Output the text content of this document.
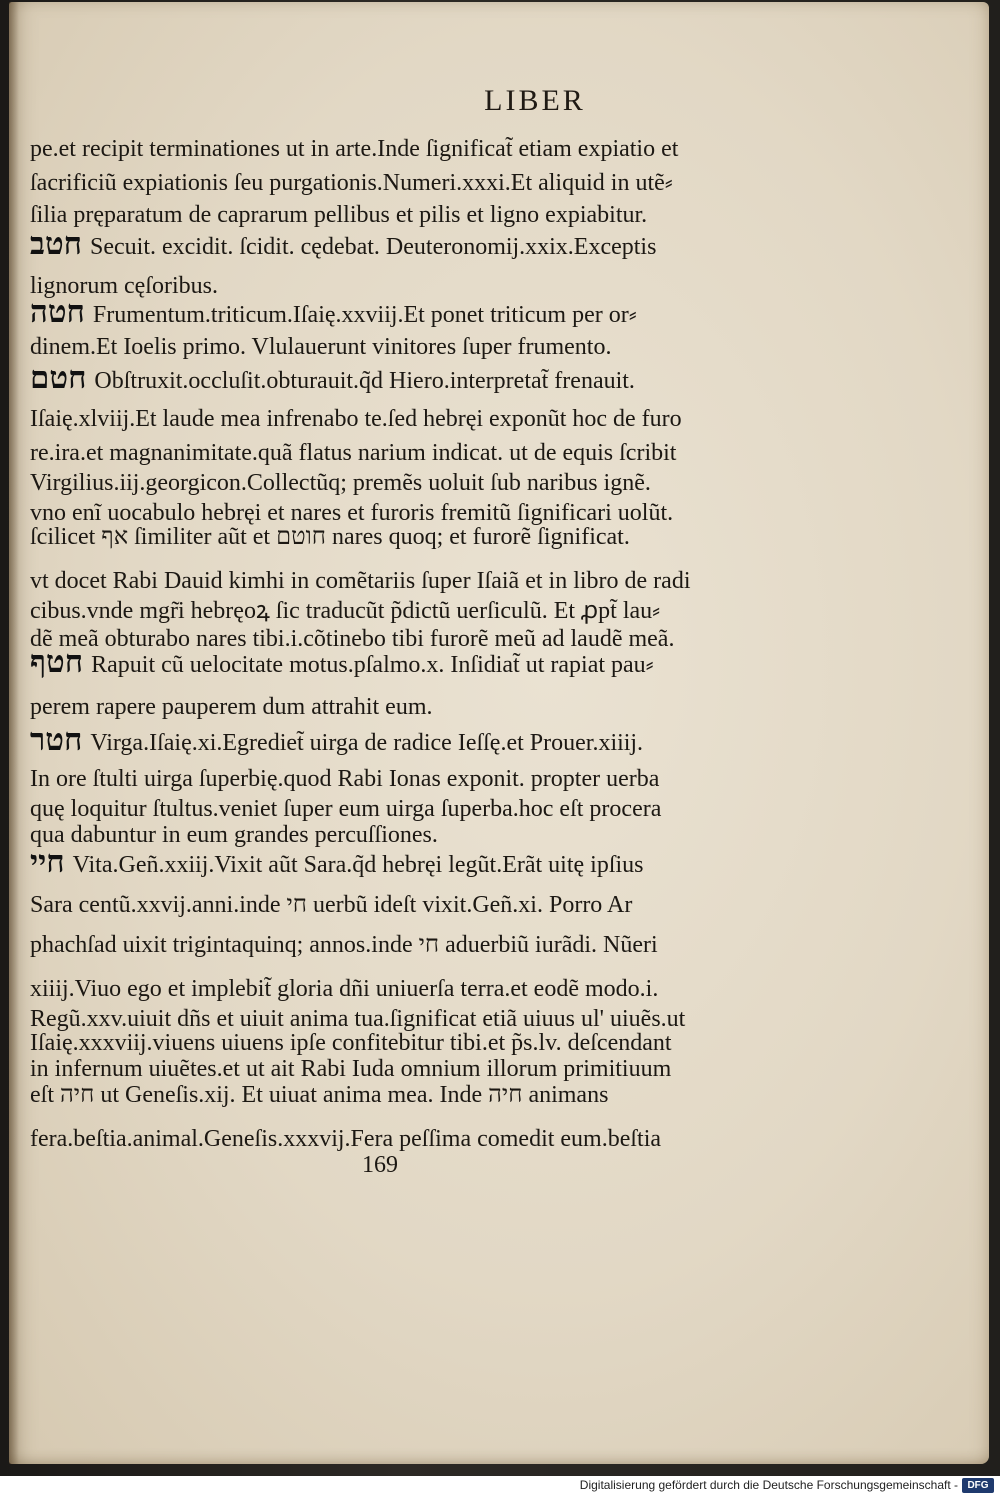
LIBER
pe.et recipit terminationes ut in arte.Inde ſignificat̃ etiam expiatio et
ſacrificiũ expiationis ſeu purgationis.Numeri.xxxi.Et aliquid in utẽ⸗
ſilia pręparatum de caprarum pellibus et pilis et ligno expiabitur.
חטב Secuit. excidit. ſcidit. cędebat. Deuteronomĳ.xxix.Exceptis
lignorum cęſoribus.
חטה Frumentum.triticum.Iſaię.xxviĳ.Et ponet triticum per or⸗
dinem.Et Ioelis primo. Vlulauerunt vinitores ſuper frumento.
חטם Obſtruxit.occluſit.obturauit.q̃d Hiero.interpretat̃ frenauit.
Iſaię.xlviĳ.Et laude mea infrenabo te.ſed hebręi exponũt hoc de furo
re.ira.et magnanimitate.quã flatus narium indicat. ut de equis ſcribit
Virgilius.iĳ.georgicon.Collectũq; premẽs uoluit ſub naribus ignẽ.
vno enĩ uocabulo hebręi et nares et furoris fremitũ ſignificari uolũt.
ſcilicet אף ſimiliter aũt et חוטם nares quoq; et furorẽ ſignificat.
vt docet Rabi Dauid kimhi in comẽtariis ſuper Iſaiã et in libro de radi
cibus.vnde mgr̃i hebręoꝝ ſic traducũt p̃dictũ uerſiculũ. Et ꝓpt̃ lau⸗
dẽ meã obturabo nares tibi.i.cõtinebo tibi furorẽ meũ ad laudẽ meã.
חטף Rapuit cũ uelocitate motus.pſalmo.x. Inſidiat̃ ut rapiat pau⸗
perem rapere pauperem dum attrahit eum.
חטר Virga.Iſaię.xi.Egrediet̃ uirga de radice Ieſſę.et Prouer.xiiĳ.
In ore ſtulti uirga ſuperbię.quod Rabi Ionas exponit. propter uerba
quę loquitur ſtultus.veniet ſuper eum uirga ſuperba.hoc eſt procera
qua dabuntur in eum grandes percuſſiones.
חיי Vita.Geñ.xxiĳ.Vixit aũt Sara.q̃d hebręi legũt.Erãt uitę ipſius
Sara centũ.xxvĳ.anni.inde חי uerbũ ideſt vixit.Geñ.xi. Porro Ar
phachſad uixit trigintaquinq; annos.inde חי aduerbiũ iurãdi. Nũeri
xiiĳ.Viuo ego et implebit̃ gloria dñi uniuerſa terra.et eodẽ modo.i.
Regũ.xxv.uiuit dñs et uiuit anima tua.ſignificat etiã uiuus ul' uiuẽs.ut
Iſaię.xxxviĳ.viuens uiuens ipſe confitebitur tibi.et p̃s.lv. deſcendant
in infernum uiuẽtes.et ut ait Rabi Iuda omnium illorum primitiuum
eſt חיה ut Geneſis.xĳ. Et uiuat anima mea. Inde חיה animans
fera.beſtia.animal.Geneſis.xxxvĳ.Fera peſſima comedit eum.beſtia
169
Digitalisierung gefördert durch die Deutsche Forschungsgemeinschaft - DFG
